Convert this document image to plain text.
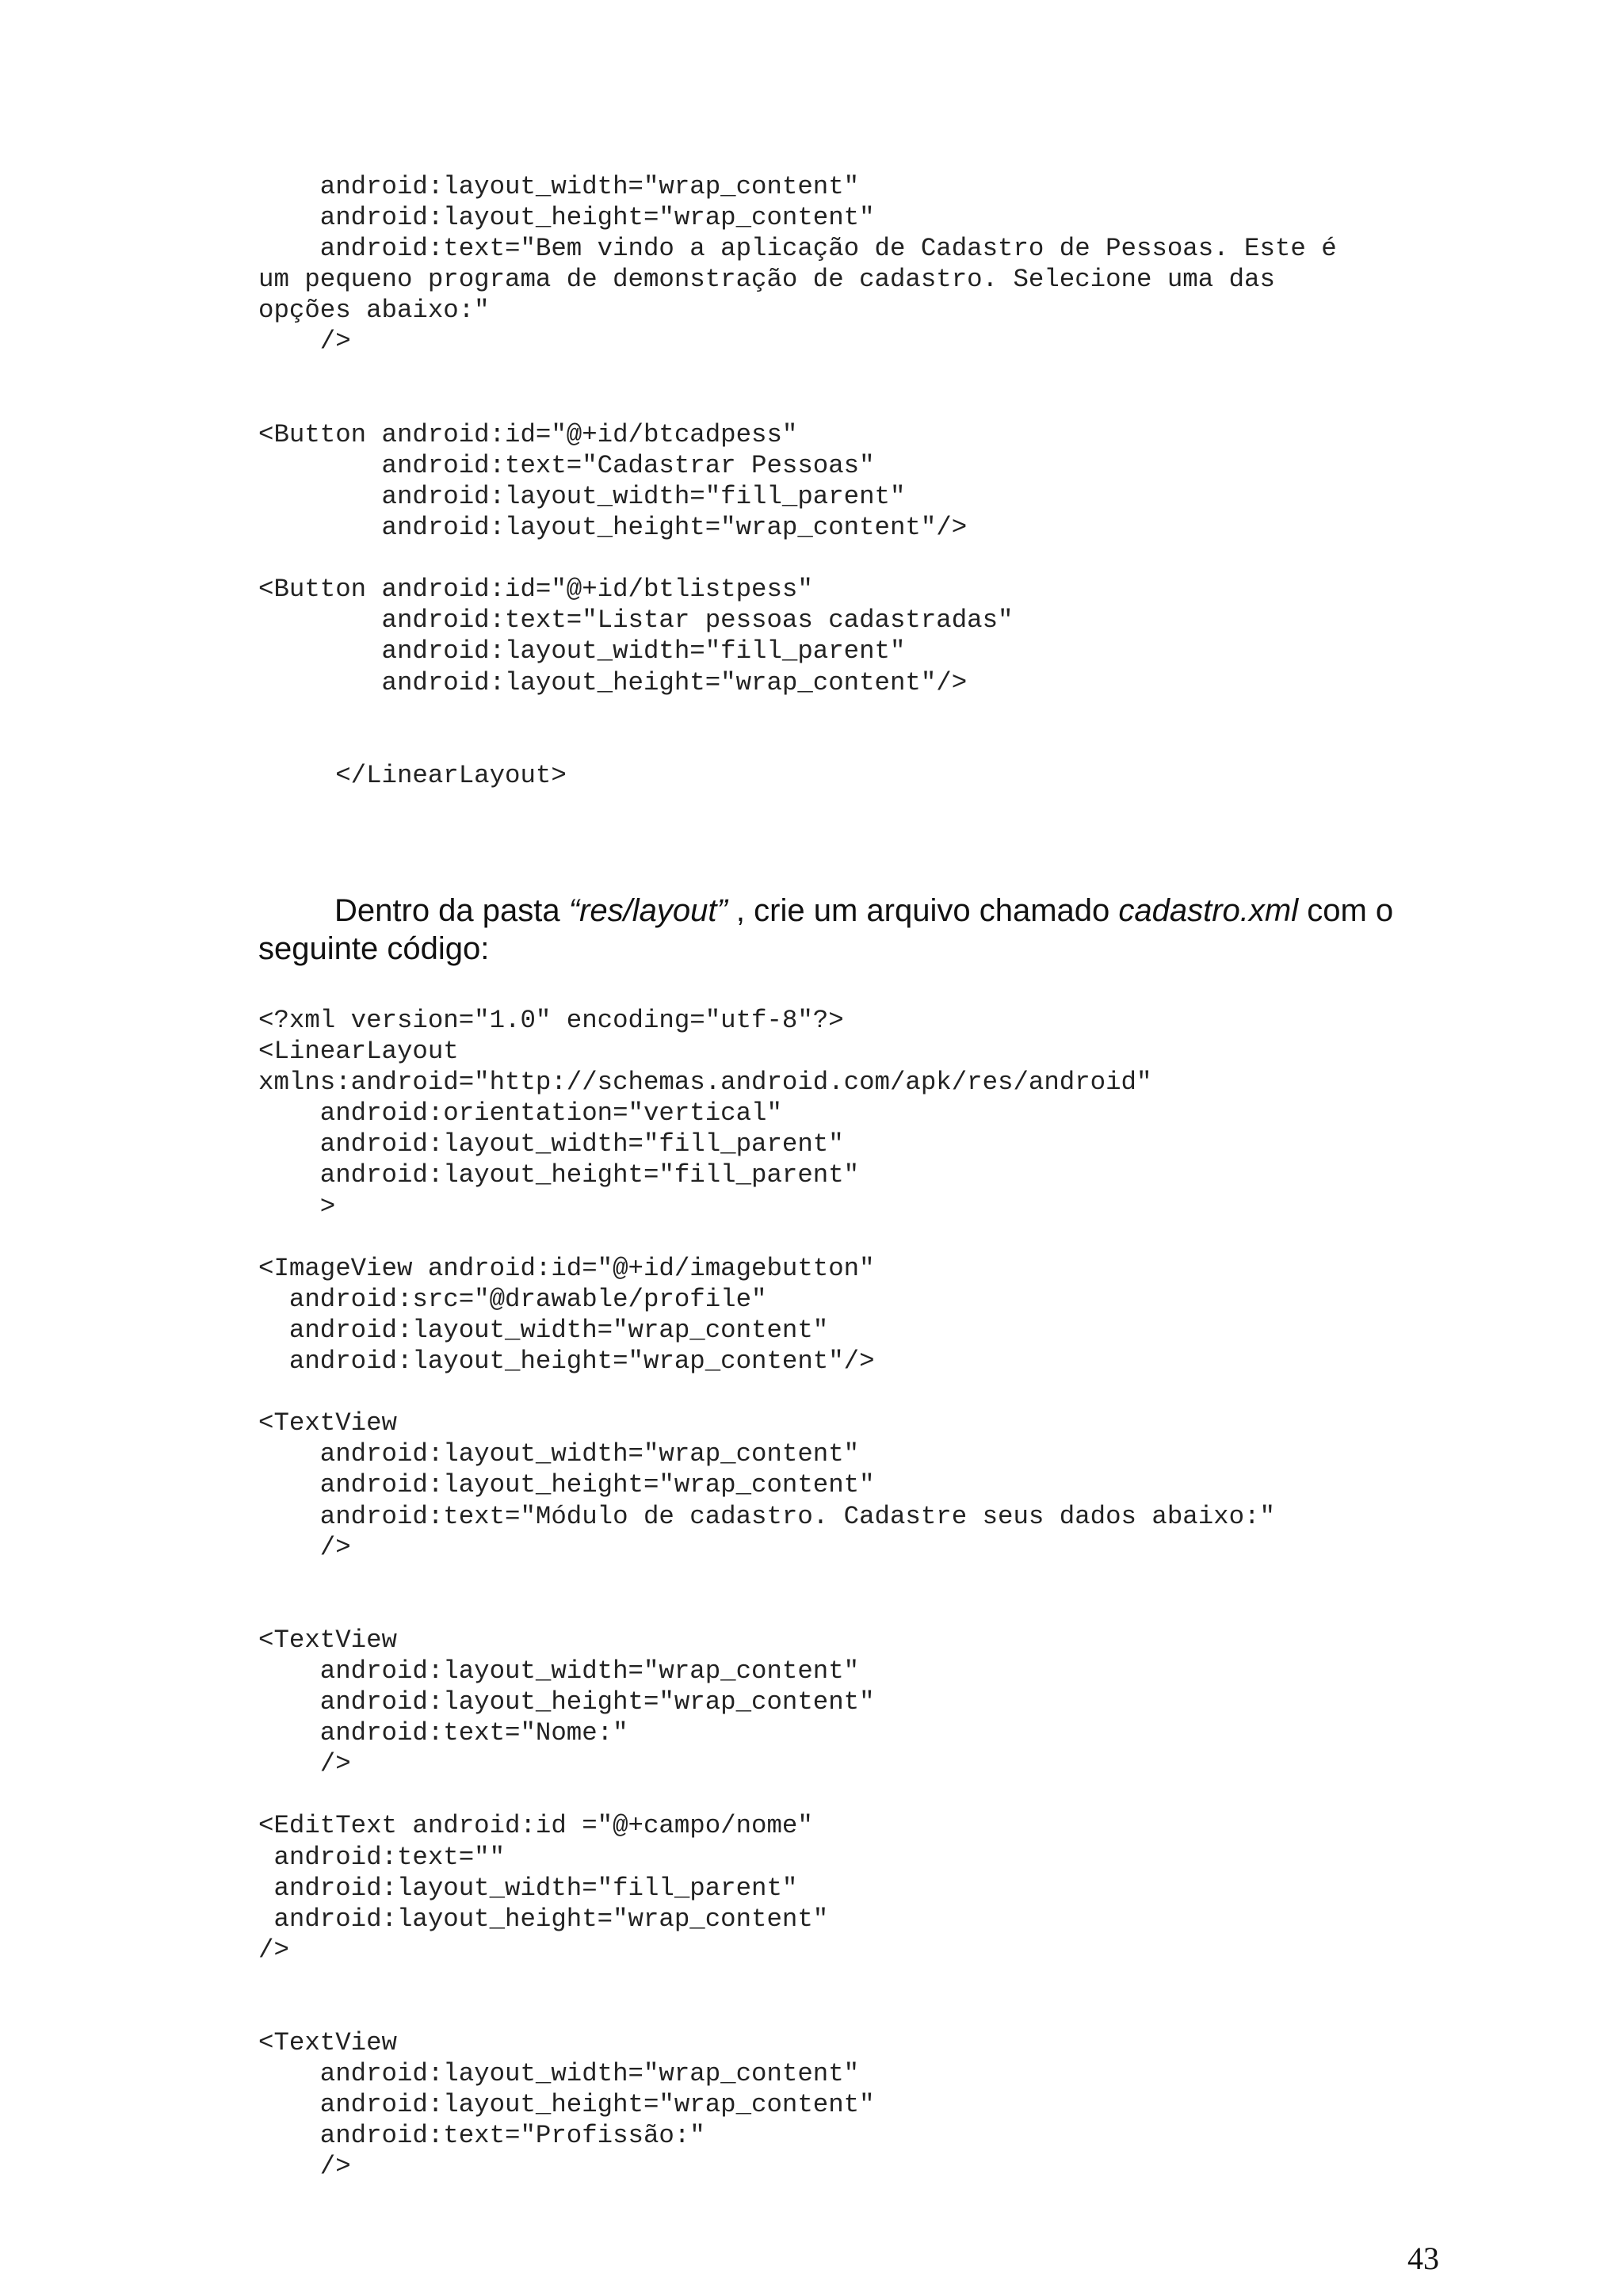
android:layout_width="wrap_content"
android:layout_height="wrap_content"
android:text="Bem vindo a aplicação de Cadastro de Pessoas. Este é
um pequeno programa de demonstração de cadastro. Selecione uma das
opções abaixo:"
/>

<Button android:id="@+id/btcadpess"
android:text="Cadastrar Pessoas"
android:layout_width="fill_parent"
android:layout_height="wrap_content"/>

<Button android:id="@+id/btlistpess"
android:text="Listar pessoas cadastradas"
android:layout_width="fill_parent"
android:layout_height="wrap_content"/>

</LinearLayout>

Dentro da pasta “res/layout” , crie um arquivo chamado cadastro.xml com o seguinte código:

<?xml version="1.0" encoding="utf-8"?>
<LinearLayout
xmlns:android="http://schemas.android.com/apk/res/android"
android:orientation="vertical"
android:layout_width="fill_parent"
android:layout_height="fill_parent"
>

<ImageView android:id="@+id/imagebutton"
android:src="@drawable/profile"
android:layout_width="wrap_content"
android:layout_height="wrap_content"/>

<TextView
android:layout_width="wrap_content"
android:layout_height="wrap_content"
android:text="Módulo de cadastro. Cadastre seus dados abaixo:"
/>

<TextView
android:layout_width="wrap_content"
android:layout_height="wrap_content"
android:text="Nome:"
/>

<EditText android:id ="@+campo/nome"
android:text=""
android:layout_width="fill_parent"
android:layout_height="wrap_content"
/>

<TextView
android:layout_width="wrap_content"
android:layout_height="wrap_content"
android:text="Profissão:"
/>
43
